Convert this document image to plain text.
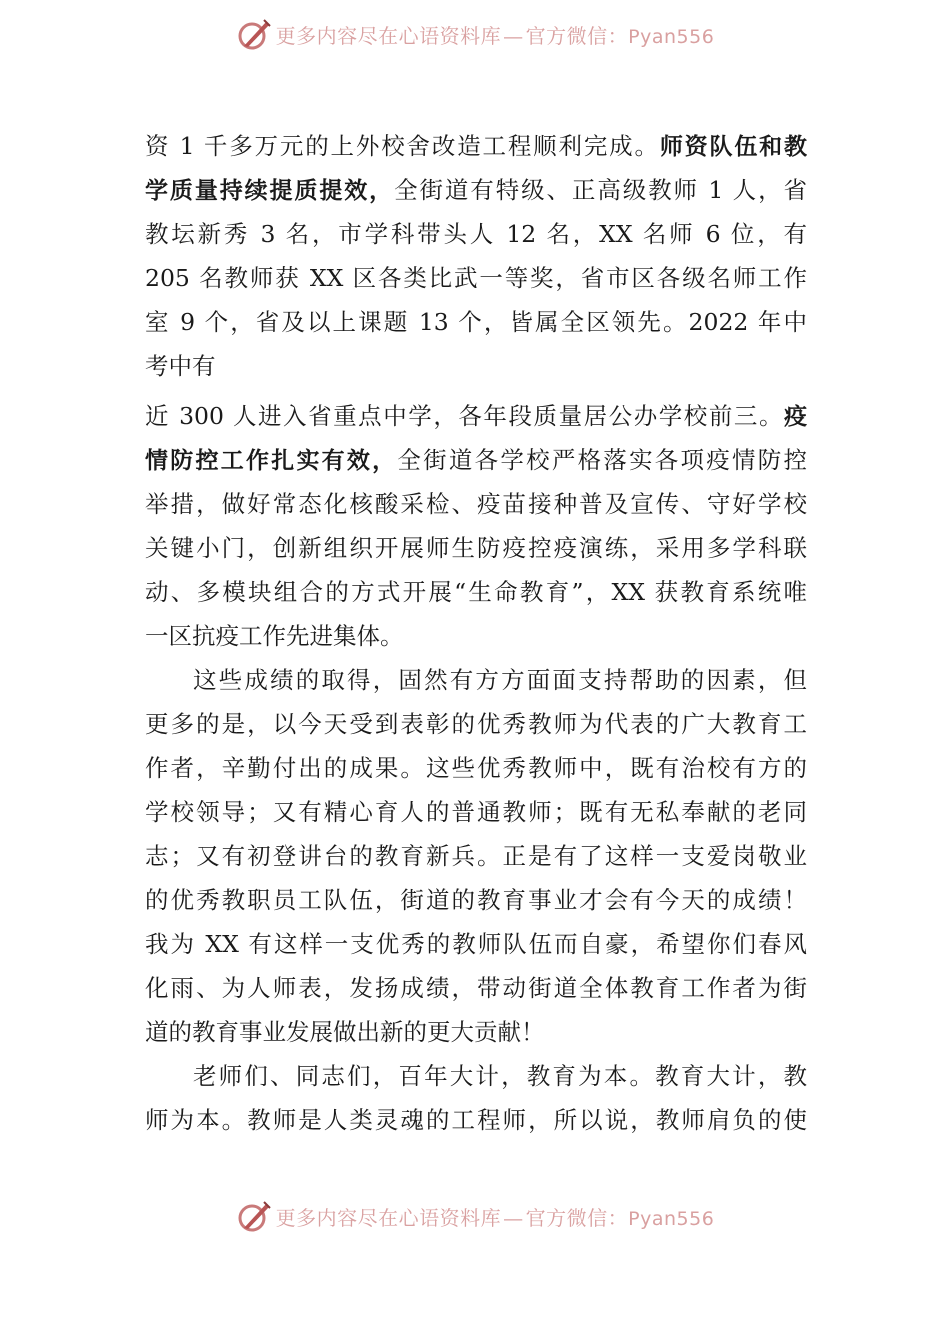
更多内容尽在心语资料库 — 官方微信：Pyan556
资 1 千多万元的上外校舍改造工程顺利完成。师资队伍和教
学质量持续提质提效，全街道有特级、正高级教师 1 人，省
教坛新秀 3 名，市学科带头人 12 名，XX 名师 6 位，有
205 名教师获 XX 区各类比武一等奖，省市区各级名师工作
室 9 个，省及以上课题 13 个，皆属全区领先。2022 年中
考中有
近 300 人进入省重点中学，各年段质量居公办学校前三。疫
情防控工作扎实有效，全街道各学校严格落实各项疫情防控
举措，做好常态化核酸采检、疫苗接种普及宣传、守好学校
关键小门，创新组织开展师生防疫控疫演练，采用多学科联
动、多模块组合的方式开展“生命教育”，XX 获教育系统唯
一区抗疫工作先进集体。
这些成绩的取得，固然有方方面面支持帮助的因素，但
更多的是，以今天受到表彰的优秀教师为代表的广大教育工
作者，辛勤付出的成果。这些优秀教师中，既有治校有方的
学校领导；又有精心育人的普通教师；既有无私奉献的老同
志；又有初登讲台的教育新兵。正是有了这样一支爱岗敬业
的优秀教职员工队伍，街道的教育事业才会有今天的成绩！
我为 XX 有这样一支优秀的教师队伍而自豪，希望你们春风
化雨、为人师表，发扬成绩，带动街道全体教育工作者为街
道的教育事业发展做出新的更大贡献！
老师们、同志们，百年大计，教育为本。教育大计，教
师为本。教师是人类灵魂的工程师，所以说，教师肩负的使
更多内容尽在心语资料库 — 官方微信：Pyan556
